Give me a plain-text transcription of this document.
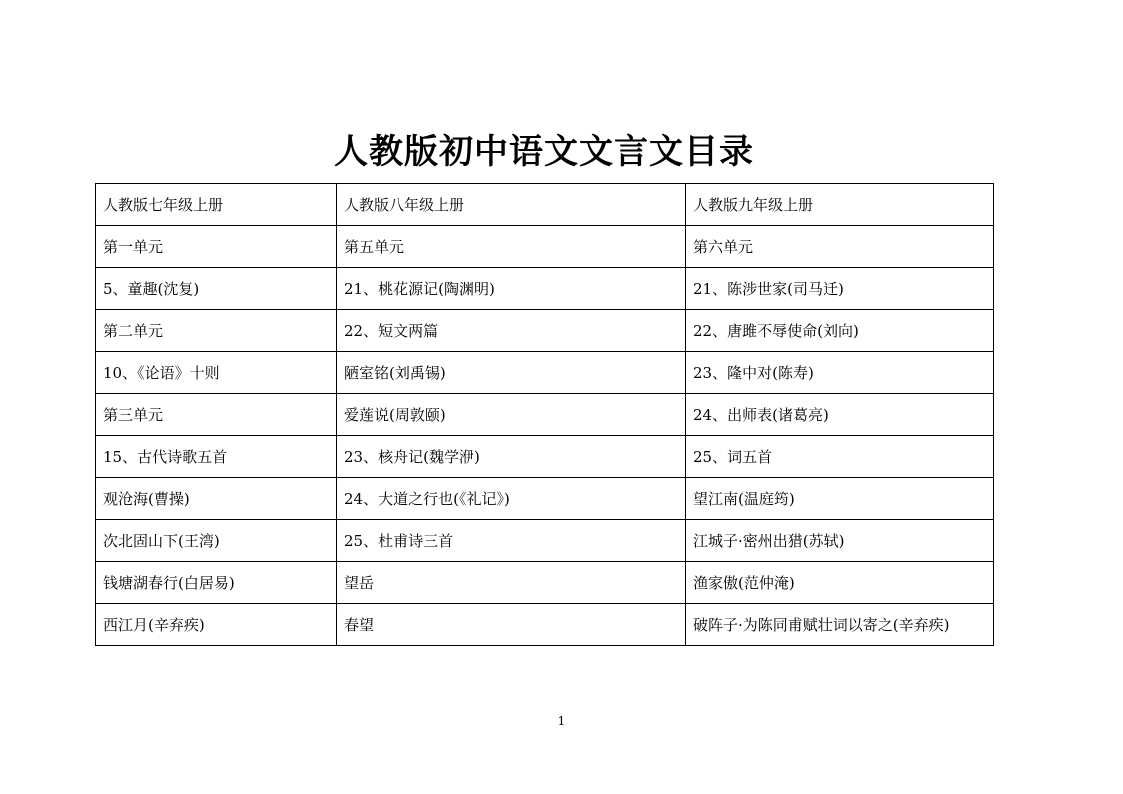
人教版初中语文文言文目录
人教版七年级上册	人教版八年级上册	人教版九年级上册
第一单元	第五单元	第六单元
5、童趣(沈复)	21、桃花源记(陶渊明)	21、陈涉世家(司马迁)
第二单元	22、短文两篇	22、唐雎不辱使命(刘向)
10、《论语》十则	陋室铭(刘禹锡)	23、隆中对(陈寿)
第三单元	爱莲说(周敦颐)	24、出师表(诸葛亮)
15、古代诗歌五首	23、核舟记(魏学洢)	25、词五首
观沧海(曹操)	24、大道之行也(《礼记》)	望江南(温庭筠)
次北固山下(王湾)	25、杜甫诗三首	江城子·密州出猎(苏轼)
钱塘湖春行(白居易)	望岳	渔家傲(范仲淹)
西江月(辛弃疾)	春望	破阵子·为陈同甫赋壮词以寄之(辛弃疾)
1
